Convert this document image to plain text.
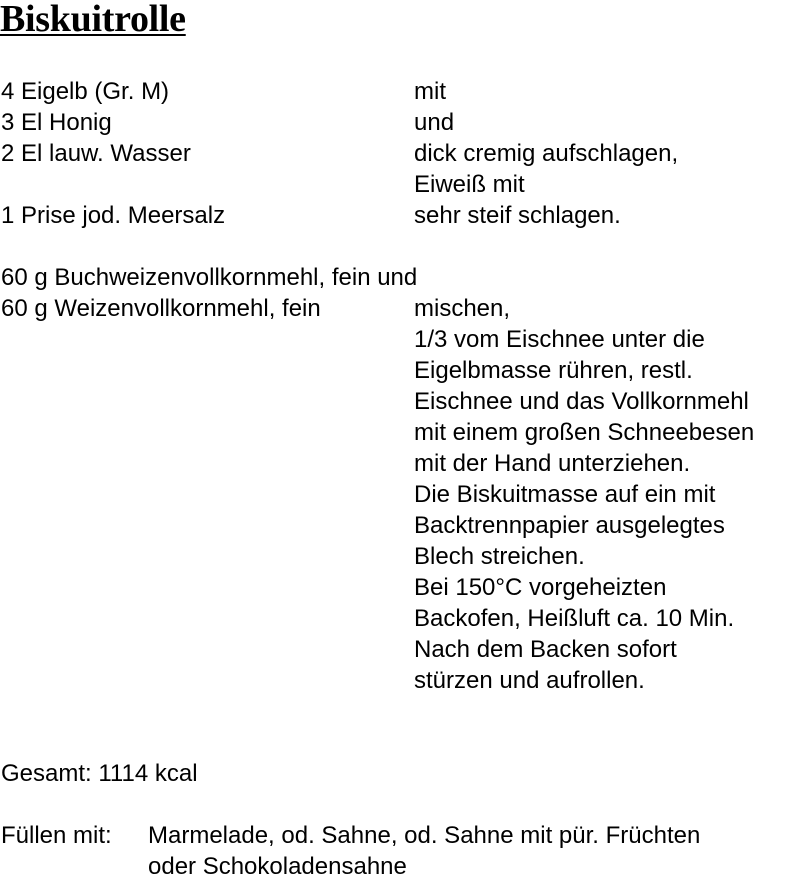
Biskuitrolle
4 Eigelb (Gr. M)	mit
3 El Honig	und
2 El lauw. Wasser	dick cremig aufschlagen,
Eiweiß mit
1 Prise jod. Meersalz	sehr steif schlagen.
60 g Buchweizenvollkornmehl, fein und
60 g Weizenvollkornmehl, fein	mischen,
1/3 vom Eischnee unter die
Eigelbmasse rühren, restl.
Eischnee und das Vollkornmehl
mit einem großen Schneebesen
mit der Hand unterziehen.
Die Biskuitmasse auf ein mit
Backtrennpapier ausgelegtes
Blech streichen.
Bei 150°C vorgeheizten
Backofen, Heißluft ca. 10 Min.
Nach dem Backen sofort
stürzen und aufrollen.
Gesamt: 1114 kcal
Füllen mit: Marmelade, od. Sahne, od. Sahne mit pür. Früchten
oder Schokoladensahne
